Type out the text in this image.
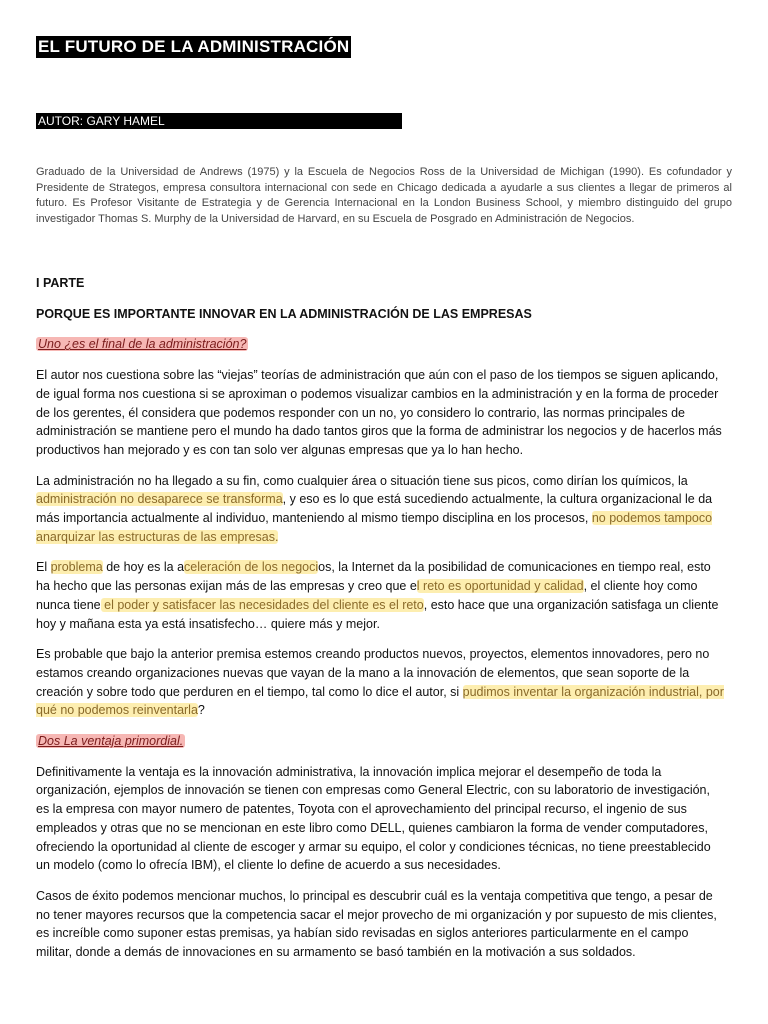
EL FUTURO DE LA ADMINISTRACIÓN
AUTOR: GARY HAMEL

Graduado de la Universidad de Andrews (1975) y la Escuela de Negocios Ross de la Universidad de Michigan (1990). Es cofundador y Presidente de Strategos, empresa consultora internacional con sede en Chicago dedicada a ayudarle a sus clientes a llegar de primeros al futuro. Es Profesor Visitante de Estrategia y de Gerencia Internacional en la London Business School, y miembro distinguido del grupo investigador Thomas S. Murphy de la Universidad de Harvard, en su Escuela de Posgrado en Administración de Negocios.

I PARTE

PORQUE ES IMPORTANTE INNOVAR EN LA ADMINISTRACIÓN DE LAS EMPRESAS

Uno ¿es el final de la administración?

El autor nos cuestiona sobre las “viejas” teorías de administración que aún con el paso de los tiempos se siguen aplicando, de igual forma nos cuestiona si se aproximan o podemos visualizar cambios en la administración y en la forma de proceder de los gerentes, él considera que podemos responder con un no, yo considero lo contrario, las normas principales de administración se mantiene pero el mundo ha dado tantos giros que la forma de administrar los negocios y de hacerlos más productivos han mejorado y es con tan solo ver algunas empresas que ya lo han hecho.

La administración no ha llegado a su fin, como cualquier área o situación tiene sus picos, como dirían los químicos, la administración no desaparece se transforma, y eso es lo que está sucediendo actualmente, la cultura organizacional le da más importancia actualmente al individuo, manteniendo al mismo tiempo disciplina en los procesos, no podemos tampoco anarquizar las estructuras de las empresas.

El problema de hoy es la aceleración de los negocios, la Internet da la posibilidad de comunicaciones en tiempo real, esto ha hecho que las personas exijan más de las empresas y creo que el reto es oportunidad y calidad, el cliente hoy como nunca tiene el poder y satisfacer las necesidades del cliente es el reto, esto hace que una organización satisfaga un cliente hoy y mañana esta ya está insatisfecho… quiere más y mejor.

Es probable que bajo la anterior premisa estemos creando productos nuevos, proyectos, elementos innovadores, pero no estamos creando organizaciones nuevas que vayan de la mano a la innovación de elementos, que sean soporte de la creación y sobre todo que perduren en el tiempo, tal como lo dice el autor, si pudimos inventar la organización industrial, por qué no podemos reinventarla?

Dos La ventaja primordial.

Definitivamente la ventaja es la innovación administrativa, la innovación implica mejorar el desempeño de toda la organización, ejemplos de innovación se tienen con empresas como General Electric, con su laboratorio de investigación, es la empresa con mayor numero de patentes, Toyota con el aprovechamiento del principal recurso, el ingenio de sus empleados y otras que no se mencionan en este libro como DELL, quienes cambiaron la forma de vender computadores, ofreciendo la oportunidad al cliente de escoger y armar su equipo, el color y condiciones técnicas, no tiene preestablecido un modelo (como lo ofrecía IBM), el cliente lo define de acuerdo a sus necesidades.

Casos de éxito podemos mencionar muchos, lo principal es descubrir cuál es la ventaja competitiva que tengo, a pesar de no tener mayores recursos que la competencia sacar el mejor provecho de mi organización y por supuesto de mis clientes, es increíble como suponer estas premisas, ya habían sido revisadas en siglos anteriores particularmente en el campo militar, donde a demás de innovaciones en su armamento se basó también en la motivación a sus soldados.
